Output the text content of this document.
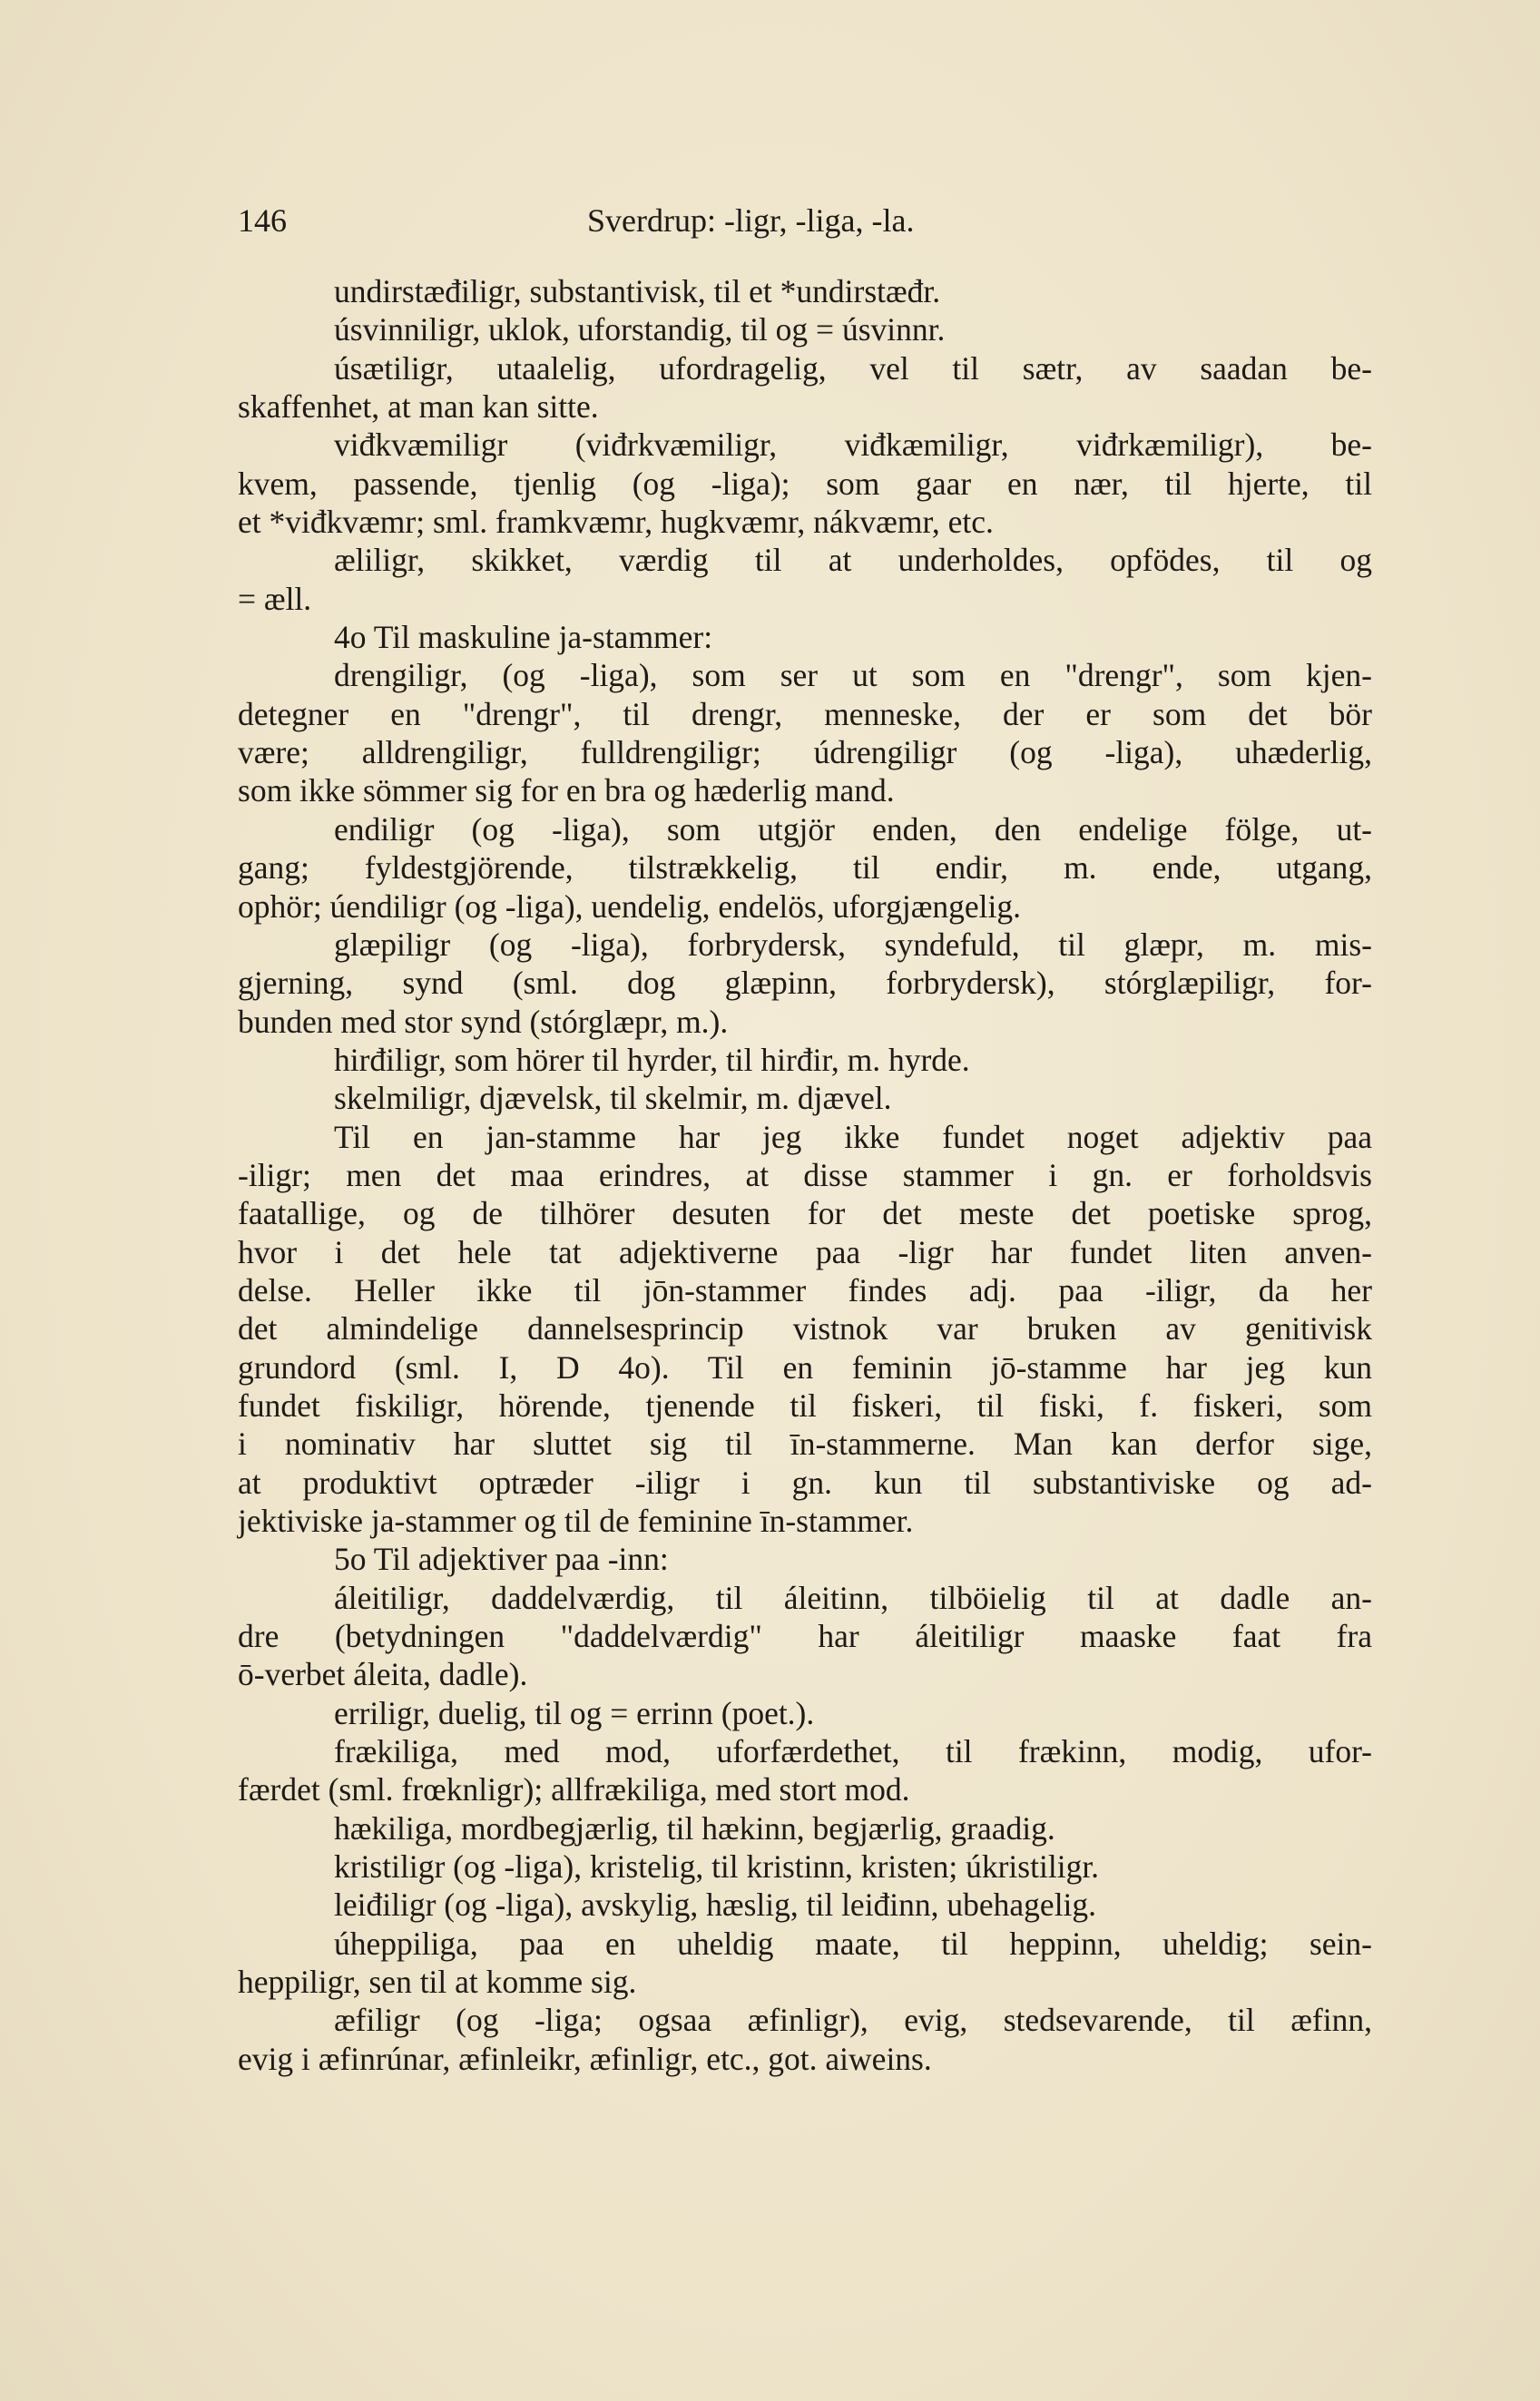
146	Sverdrup: -ligr, -liga, -la.
undirstæđiligr, substantivisk, til et *undirstæđr.
úsvinniligr, uklok, uforstandig, til og = úsvinnr.
úsætiligr, utaalelig, ufordragelig, vel til sætr, av saadan be-
skaffenhet, at man kan sitte.
viđkvæmiligr (viđrkvæmiligr, viđkæmiligr, viđrkæmiligr), be-
kvem, passende, tjenlig (og -liga); som gaar en nær, til hjerte, til
et *viđkvæmr; sml. framkvæmr, hugkvæmr, nákvæmr, etc.
æliligr, skikket, værdig til at underholdes, opfödes, til og
= æll.
4o Til maskuline ja-stammer:
drengiligr, (og -liga), som ser ut som en "drengr", som kjen-
detegner en "drengr", til drengr, menneske, der er som det bör
være; alldrengiligr, fulldrengiligr; údrengiligr (og -liga), uhæderlig,
som ikke sömmer sig for en bra og hæderlig mand.
endiligr (og -liga), som utgjör enden, den endelige fölge, ut-
gang; fyldestgjörende, tilstrækkelig, til endir, m. ende, utgang,
ophör; úendiligr (og -liga), uendelig, endelös, uforgjængelig.
glæpiligr (og -liga), forbrydersk, syndefuld, til glæpr, m. mis-
gjerning, synd (sml. dog glæpinn, forbrydersk), stórglæpiligr, for-
bunden med stor synd (stórglæpr, m.).
hirđiligr, som hörer til hyrder, til hirđir, m. hyrde.
skelmiligr, djævelsk, til skelmir, m. djævel.
Til en jan-stamme har jeg ikke fundet noget adjektiv paa
-iligr; men det maa erindres, at disse stammer i gn. er forholdsvis
faatallige, og de tilhörer desuten for det meste det poetiske sprog,
hvor i det hele tat adjektiverne paa -ligr har fundet liten anven-
delse. Heller ikke til jōn-stammer findes adj. paa -iligr, da her
det almindelige dannelsesprincip vistnok var bruken av genitivisk
grundord (sml. I, D 4o). Til en feminin jō-stamme har jeg kun
fundet fiskiligr, hörende, tjenende til fiskeri, til fiski, f. fiskeri, som
i nominativ har sluttet sig til īn-stammerne. Man kan derfor sige,
at produktivt optræder -iligr i gn. kun til substantiviske og ad-
jektiviske ja-stammer og til de feminine īn-stammer.
5o Til adjektiver paa -inn:
áleitiligr, daddelværdig, til áleitinn, tilböielig til at dadle an-
dre (betydningen "daddelværdig" har áleitiligr maaske faat fra
ō-verbet áleita, dadle).
erriligr, duelig, til og = errinn (poet.).
frækiliga, med mod, uforfærdethet, til frækinn, modig, ufor-
færdet (sml. frœknligr); allfrækiliga, med stort mod.
hækiliga, mordbegjærlig, til hækinn, begjærlig, graadig.
kristiligr (og -liga), kristelig, til kristinn, kristen; úkristiligr.
leiđiligr (og -liga), avskylig, hæslig, til leiđinn, ubehagelig.
úheppiliga, paa en uheldig maate, til heppinn, uheldig; sein-
heppiligr, sen til at komme sig.
æfiligr (og -liga; ogsaa æfinligr), evig, stedsevarende, til æfinn,
evig i æfinrúnar, æfinleikr, æfinligr, etc., got. aiweins.
